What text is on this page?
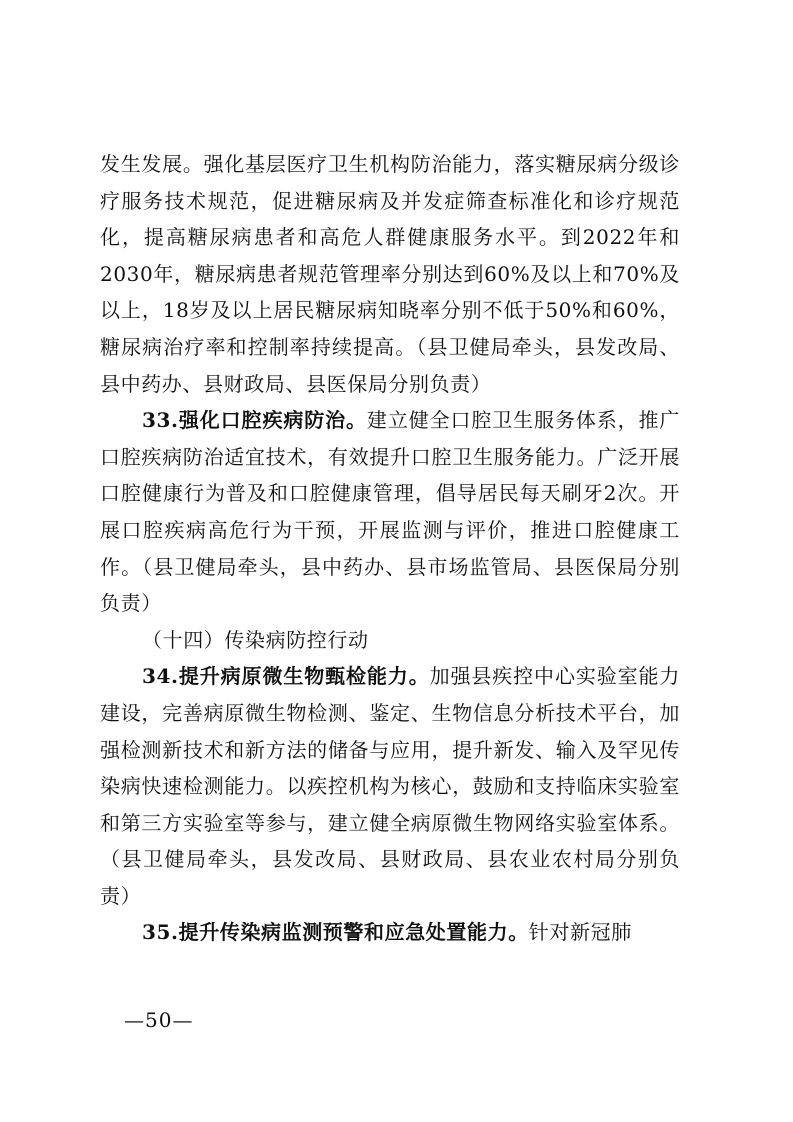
发生发展。强化基层医疗卫生机构防治能力，落实糖尿病分级诊疗服务技术规范，促进糖尿病及并发症筛查标准化和诊疗规范化，提高糖尿病患者和高危人群健康服务水平。到2022年和2030年，糖尿病患者规范管理率分别达到60%及以上和70%及以上，18岁及以上居民糖尿病知晓率分别不低于50%和60%，糖尿病治疗率和控制率持续提高。（县卫健局牵头，县发改局、县中药办、县财政局、县医保局分别负责）

33.强化口腔疾病防治。建立健全口腔卫生服务体系，推广口腔疾病防治适宜技术，有效提升口腔卫生服务能力。广泛开展口腔健康行为普及和口腔健康管理，倡导居民每天刷牙2次。开展口腔疾病高危行为干预，开展监测与评价，推进口腔健康工作。（县卫健局牵头，县中药办、县市场监管局、县医保局分别负责）

（十四）传染病防控行动

34.提升病原微生物甄检能力。加强县疾控中心实验室能力建设，完善病原微生物检测、鉴定、生物信息分析技术平台，加强检测新技术和新方法的储备与应用，提升新发、输入及罕见传染病快速检测能力。以疾控机构为核心，鼓励和支持临床实验室和第三方实验室等参与，建立健全病原微生物网络实验室体系。（县卫健局牵头，县发改局、县财政局、县农业农村局分别负责）

35.提升传染病监测预警和应急处置能力。针对新冠肺

—50—
